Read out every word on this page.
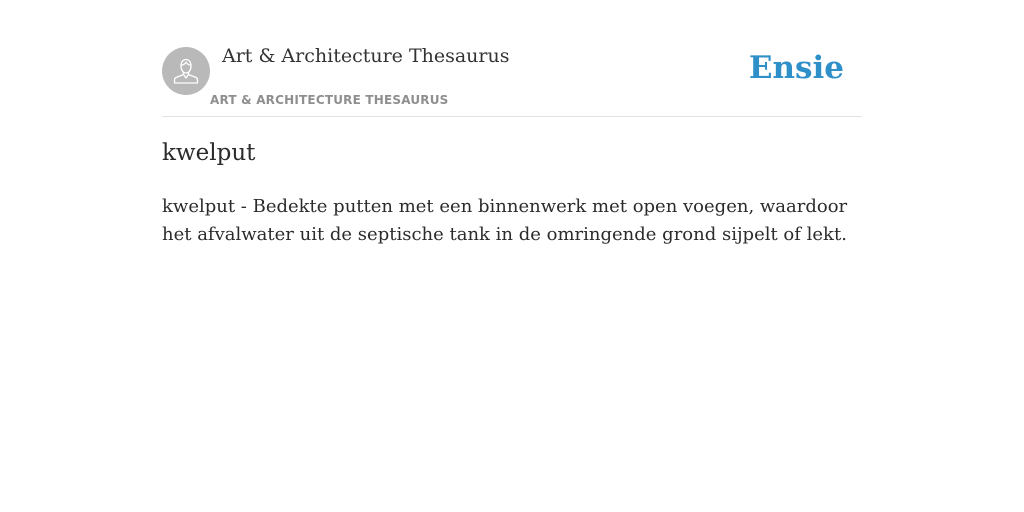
Art & Architecture Thesaurus
ART & ARCHITECTURE THESAURUS
Ensie
kwelput

kwelput - Bedekte putten met een binnenwerk met open voegen, waardoor het afvalwater uit de septische tank in de omringende grond sijpelt of lekt.
